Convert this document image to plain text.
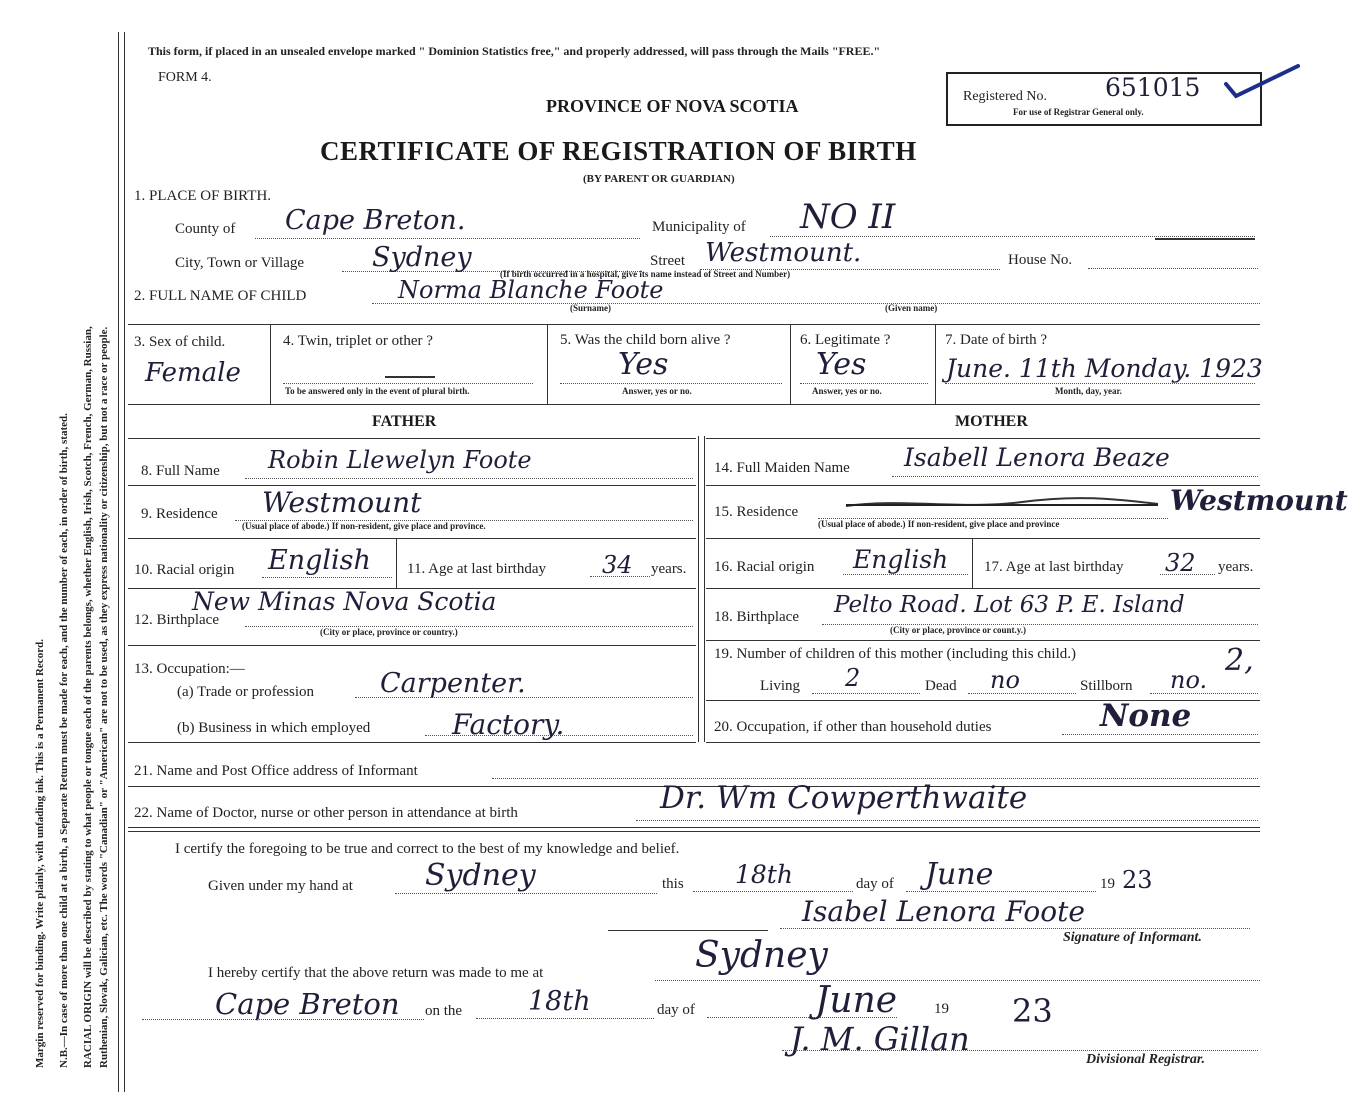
Margin reserved for binding. Write plainly, with unfading ink. This is a Permanent Record. N.B.—In case of more than one child at a birth, a Separate Return must be made for each, and the number of each, in order of birth, stated. RACIAL ORIGIN will be described by stating to what people or tongue each of the parents belongs, whether English, Irish, Scotch, French, German, Russian, Ruthenian, Slovak, Galician, etc. The words "Canadian" or "American" are not to be used, as they express nationality or citizenship, but not a race or people.
This form, if placed in an unsealed envelope marked " Dominion Statistics free," and properly addressed, will pass through the Mails "FREE."
FORM 4.
PROVINCE OF NOVA SCOTIA
CERTIFICATE OF REGISTRATION OF BIRTH
(BY PARENT OR GUARDIAN)
Registered No. 651015
For use of Registrar General only.
1. PLACE OF BIRTH.
County of Cape Breton.	Municipality of NO II
City, Town or Village	Sydney	Street Westmount.	House No.
(If birth occurred in a hospital, give its name instead of Street and Number)
2. FULL NAME OF CHILD	Norma Blanche Foote
(Surname)	(Given name)
3. Sex of child.
Female
4. Twin, triplet or other ?
To be answered only in the event of plural birth.
5. Was the child born alive ?
Yes
Answer, yes or no.
6. Legitimate ?
Yes
Answer, yes or no.
7. Date of birth ?
June. 11th Monday. 1923
Month, day, year.
FATHER	MOTHER
8. Full Name Robin Llewelyn Foote
9. Residence Westmount
(Usual place of abode.) If non-resident, give place and province.
10. Racial origin English 11. Age at last birthday 34 years.
12. Birthplace
New Minas Nova Scotia
(City or place, province or country.)
13. Occupation:—
(a) Trade or profession Carpenter.
(b) Business in which employed	Factory.
14. Full Maiden Name Isabell Lenora Beaze
15. Residence	Westmount
(Usual place of abode.) If non-resident, give place and province
16. Racial origin English 17. Age at last birthday 32 years.
18. Birthplace Pelto Road. Lot 63 P. E. Island
(City or place, province or count.y.)
19. Number of children of this mother (including this child.)	2,
Living 2	Dead no	Stillborn no.
20. Occupation, if other than household duties	None
21. Name and Post Office address of Informant
22. Name of Doctor, nurse or other person in attendance at birth	Dr. Wm Cowperthwaite
I certify the foregoing to be true and correct to the best of my knowledge and belief.
Given under my hand at Sydney	this 18th	day of June	19 23
Isabel Lenora Foote
Signature of Informant.
I hereby certify that the above return was made to me at	Sydney
Cape Breton on the 18th	day of	June 19 23
J. M. Gillan
Divisional Registrar.
